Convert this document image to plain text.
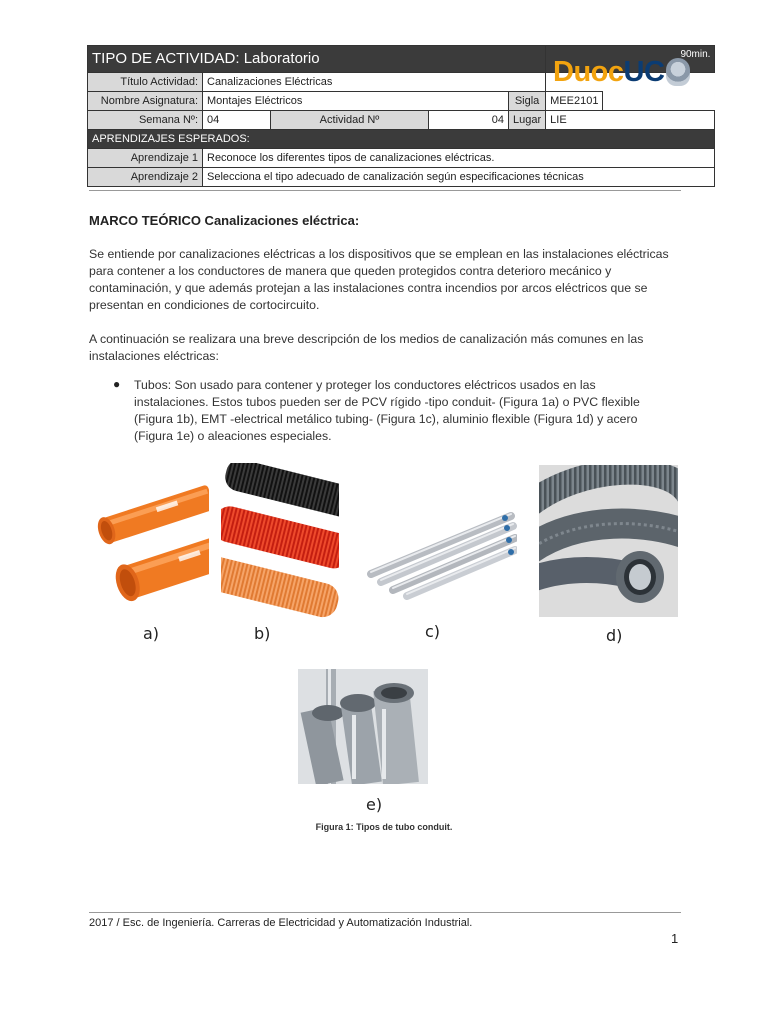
TIPO DE ACTIVIDAD: Laboratorio					90min.	
Título Actividad:	Canalizaciones Eléctricas					
Nombre Asignatura:	Montajes Eléctricos			Sigla	MEE2101	
Semana Nº:	04	Actividad Nº	04	Lugar	LIE	
APRENDIZAJES ESPERADOS:						
Aprendizaje 1	Reconoce los diferentes tipos de canalizaciones eléctricas.					
Aprendizaje 2	Selecciona el tipo adecuado de canalización según especificaciones técnicas					
DuocUC
MARCO TEÓRICO Canalizaciones eléctrica:

Se entiende por canalizaciones eléctricas a los dispositivos que se emplean en las instalaciones eléctricas para contener a los conductores de manera que queden protegidos contra deterioro mecánico y contaminación, y que además protejan a las instalaciones contra incendios por arcos eléctricos que se presentan en condiciones de cortocircuito.

A continuación se realizara una breve descripción de los medios de canalización más comunes en las instalaciones eléctricas:

● Tubos: Son usado para contener y proteger los conductores eléctricos usados en las instalaciones. Estos tubos pueden ser de PCV rígido -tipo conduit- (Figura 1a) o PVC flexible (Figura 1b), EMT -electrical metálico tubing- (Figura 1c), aluminio flexible (Figura 1d) y acero (Figura 1e) o aleaciones especiales.

a)	b)	c)	d)
e)
Figura 1: Tipos de tubo conduit.
2017 / Esc. de Ingeniería. Carreras de Electricidad y Automatización Industrial.
1
